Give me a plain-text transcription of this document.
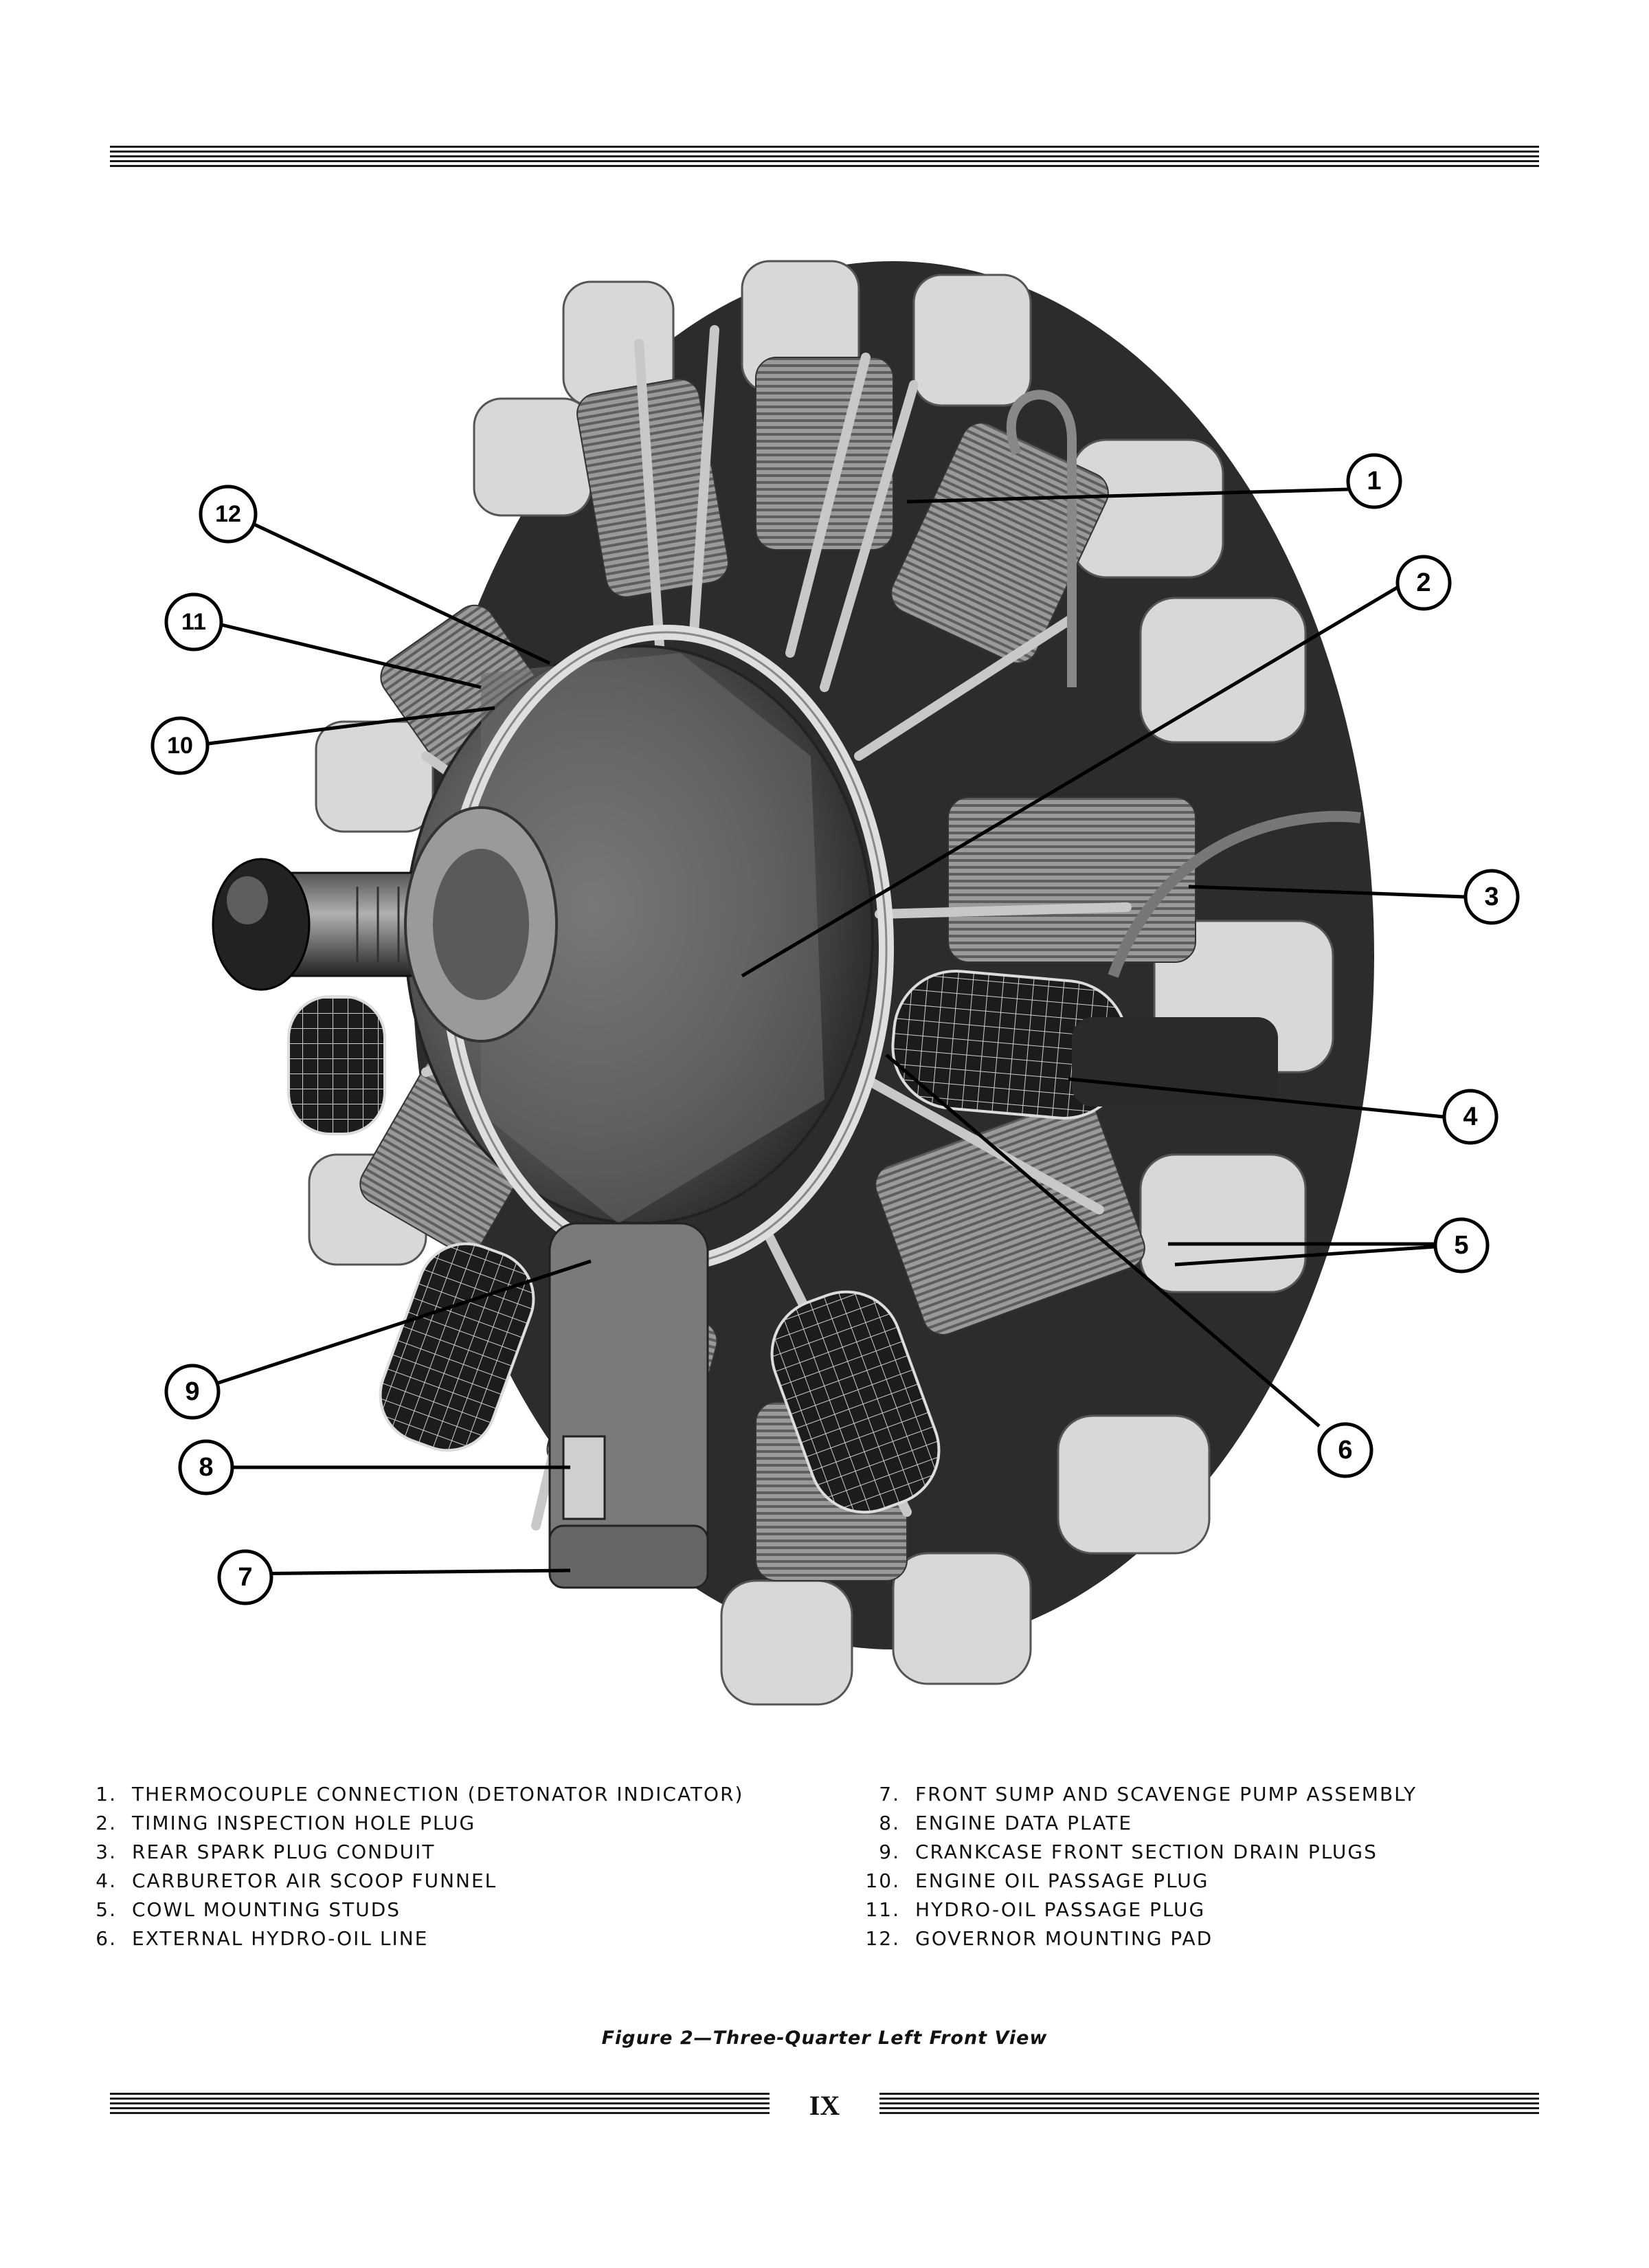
1
2
3
4
5
6
7
8
9
10
11
12
1. THERMOCOUPLE CONNECTION (DETONATOR INDICATOR)
2. TIMING INSPECTION HOLE PLUG
3. REAR SPARK PLUG CONDUIT
4. CARBURETOR AIR SCOOP FUNNEL
5. COWL MOUNTING STUDS
6. EXTERNAL HYDRO-OIL LINE
7. FRONT SUMP AND SCAVENGE PUMP ASSEMBLY
8. ENGINE DATA PLATE
9. CRANKCASE FRONT SECTION DRAIN PLUGS
10. ENGINE OIL PASSAGE PLUG
11. HYDRO-OIL PASSAGE PLUG
12. GOVERNOR MOUNTING PAD
Figure 2—Three-Quarter Left Front View
IX
